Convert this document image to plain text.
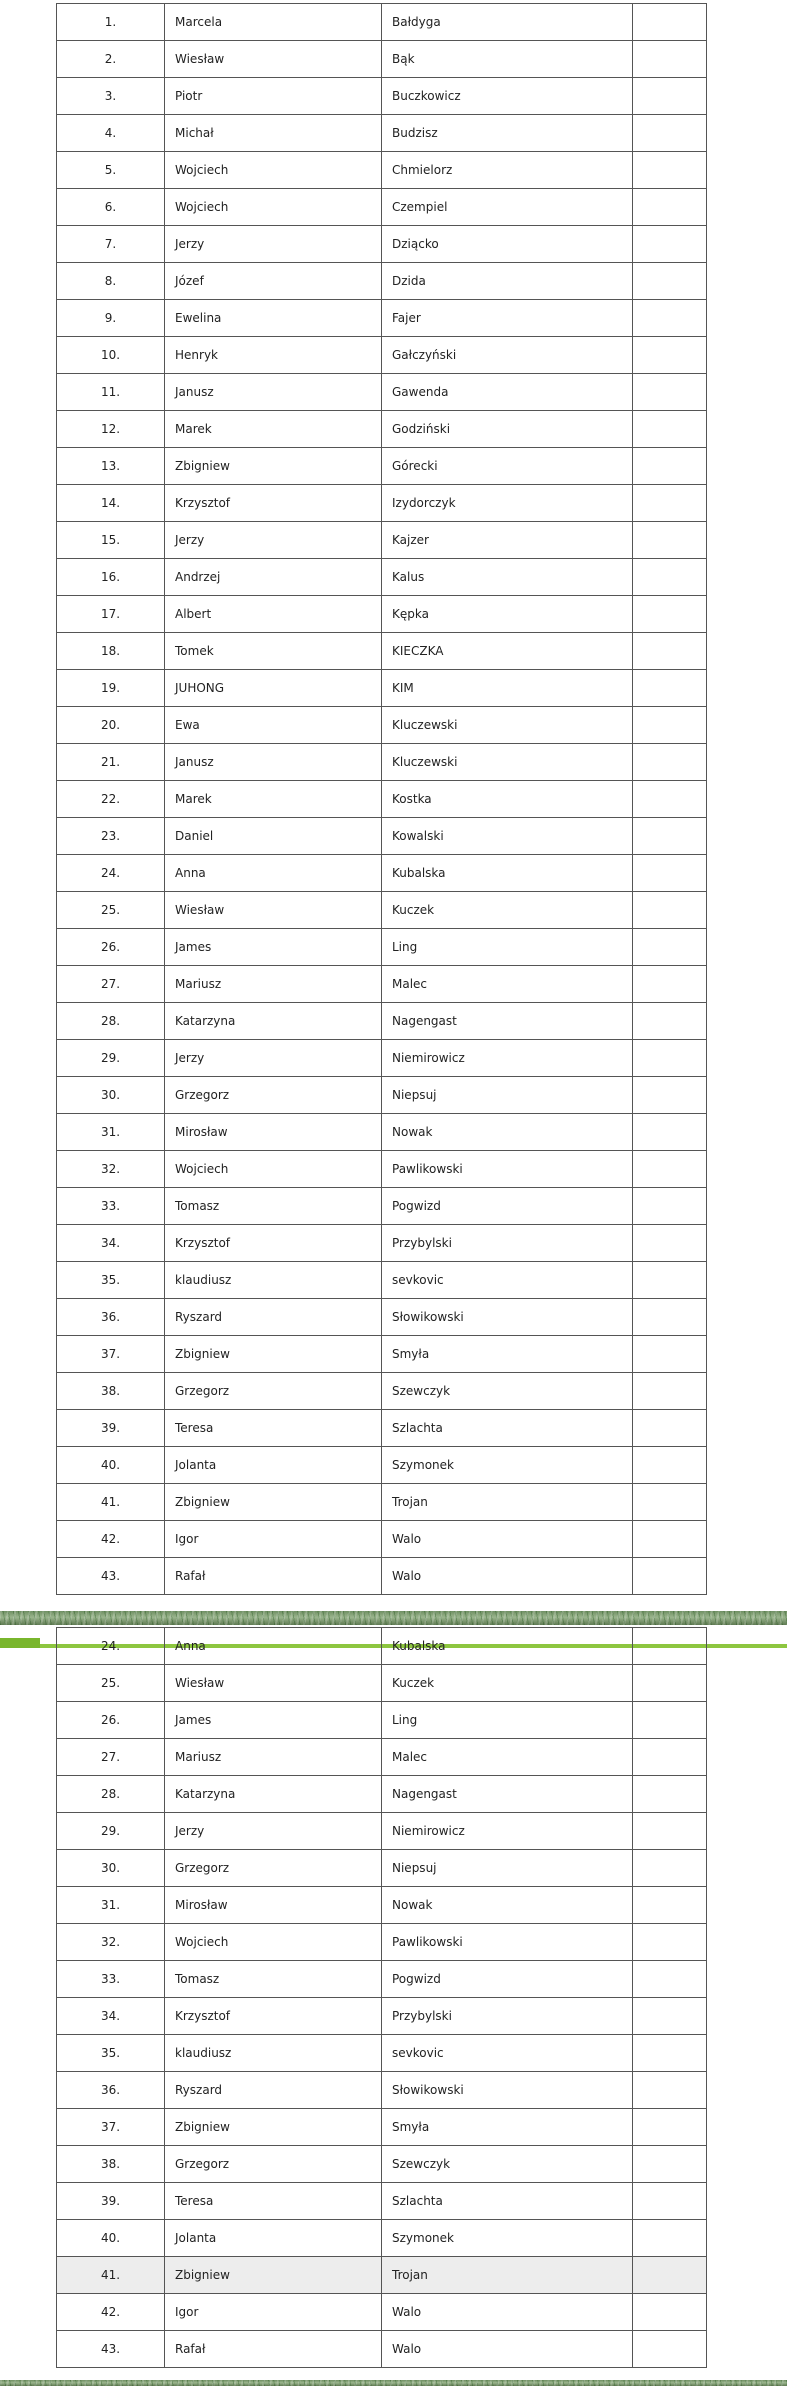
1.	Marcela	Bałdyga	
2.	Wiesław	Bąk	
3.	Piotr	Buczkowicz	
4.	Michał	Budzisz	
5.	Wojciech	Chmielorz	
6.	Wojciech	Czempiel	
7.	Jerzy	Dziącko	
8.	Józef	Dzida	
9.	Ewelina	Fajer	
10.	Henryk	Gałczyński	
11.	Janusz	Gawenda	
12.	Marek	Godziński	
13.	Zbigniew	Górecki	
14.	Krzysztof	Izydorczyk	
15.	Jerzy	Kajzer	
16.	Andrzej	Kalus	
17.	Albert	Kępka	
18.	Tomek	KIECZKA	
19.	JUHONG	KIM	
20.	Ewa	Kluczewski	
21.	Janusz	Kluczewski	
22.	Marek	Kostka	
23.	Daniel	Kowalski	
24.	Anna	Kubalska	
25.	Wiesław	Kuczek	
26.	James	Ling	
27.	Mariusz	Malec	
28.	Katarzyna	Nagengast	
29.	Jerzy	Niemirowicz	
30.	Grzegorz	Niepsuj	
31.	Mirosław	Nowak	
32.	Wojciech	Pawlikowski	
33.	Tomasz	Pogwizd	
34.	Krzysztof	Przybylski	
35.	klaudiusz	sevkovic	
36.	Ryszard	Słowikowski	
37.	Zbigniew	Smyła	
38.	Grzegorz	Szewczyk	
39.	Teresa	Szlachta	
40.	Jolanta	Szymonek	
41.	Zbigniew	Trojan	
42.	Igor	Walo	
43.	Rafał	Walo	
24.	Anna	Kubalska	
25.	Wiesław	Kuczek	
26.	James	Ling	
27.	Mariusz	Malec	
28.	Katarzyna	Nagengast	
29.	Jerzy	Niemirowicz	
30.	Grzegorz	Niepsuj	
31.	Mirosław	Nowak	
32.	Wojciech	Pawlikowski	
33.	Tomasz	Pogwizd	
34.	Krzysztof	Przybylski	
35.	klaudiusz	sevkovic	
36.	Ryszard	Słowikowski	
37.	Zbigniew	Smyła	
38.	Grzegorz	Szewczyk	
39.	Teresa	Szlachta	
40.	Jolanta	Szymonek	
41.	Zbigniew	Trojan	
42.	Igor	Walo	
43.	Rafał	Walo	
